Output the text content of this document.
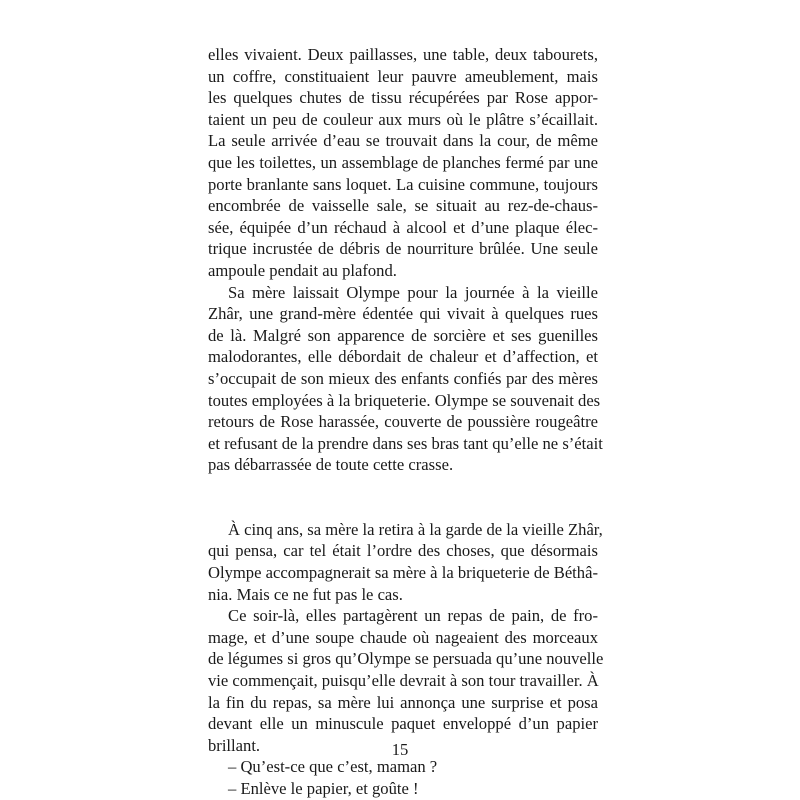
elles vivaient. Deux paillasses, une table, deux tabourets,
un coffre, constituaient leur pauvre ameublement, mais
les quelques chutes de tissu récupérées par Rose appor-
taient un peu de couleur aux murs où le plâtre s’écaillait.
La seule arrivée d’eau se trouvait dans la cour, de même
que les toilettes, un assemblage de planches fermé par une
porte branlante sans loquet. La cuisine commune, toujours
encombrée de vaisselle sale, se situait au rez-de-chaus-
sée, équipée d’un réchaud à alcool et d’une plaque élec-
trique incrustée de débris de nourriture brûlée. Une seule
ampoule pendait au plafond.
Sa mère laissait Olympe pour la journée à la vieille
Zhâr, une grand-mère édentée qui vivait à quelques rues
de là. Malgré son apparence de sorcière et ses guenilles
malodorantes, elle débordait de chaleur et d’affection, et
s’occupait de son mieux des enfants confiés par des mères
toutes employées à la briqueterie. Olympe se souvenait des
retours de Rose harassée, couverte de poussière rougeâtre
et refusant de la prendre dans ses bras tant qu’elle ne s’était
pas débarrassée de toute cette crasse.
À cinq ans, sa mère la retira à la garde de la vieille Zhâr,
qui pensa, car tel était l’ordre des choses, que désormais
Olympe accompagnerait sa mère à la briqueterie de Béthâ-
nia. Mais ce ne fut pas le cas.
Ce soir-là, elles partagèrent un repas de pain, de fro-
mage, et d’une soupe chaude où nageaient des morceaux
de légumes si gros qu’Olympe se persuada qu’une nouvelle
vie commençait, puisqu’elle devrait à son tour travailler. À
la fin du repas, sa mère lui annonça une surprise et posa
devant elle un minuscule paquet enveloppé d’un papier
brillant.
– Qu’est-ce que c’est, maman ?
– Enlève le papier, et goûte !
15
